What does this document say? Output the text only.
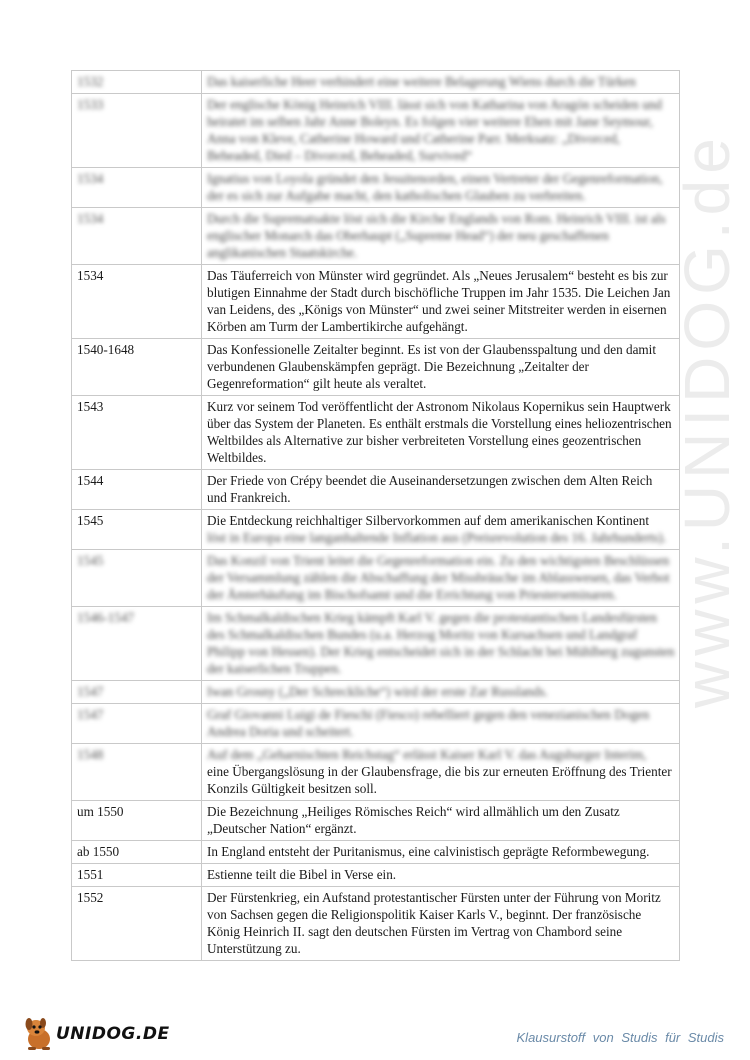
www.UNIDOG.de
1532	Das kaiserliche Heer verhindert eine weitere Belagerung Wiens durch die Türken
1533	Der englische König Heinrich VIII. lässt sich von Katharina von Aragón scheiden und heiratet im selben Jahr Anne Boleyn. Es folgen vier weitere Ehen mit Jane Seymour, Anna von Kleve, Catherine Howard und Catherine Parr. Merksatz: „Divorced, Beheaded, Died – Divorced, Beheaded, Survived“
1534	Ignatius von Loyola gründet den Jesuitenorden, einen Vertreter der Gegenreformation, der es sich zur Aufgabe macht, den katholischen Glauben zu verbreiten.
1534	Durch die Suprematsakte löst sich die Kirche Englands von Rom. Heinrich VIII. ist als englischer Monarch das Oberhaupt („Supreme Head“) der neu geschaffenen anglikanischen Staatskirche.
1534	Das Täuferreich von Münster wird gegründet. Als „Neues Jerusalem“ besteht es bis zur blutigen Einnahme der Stadt durch bischöfliche Truppen im Jahr 1535. Die Leichen Jan van Leidens, des „Königs von Münster“ und zwei seiner Mitstreiter werden in eisernen Körben am Turm der Lambertikirche aufgehängt.
1540-1648	Das Konfessionelle Zeitalter beginnt. Es ist von der Glaubensspaltung und den damit verbundenen Glaubenskämpfen geprägt. Die Bezeichnung „Zeitalter der Gegenreformation“ gilt heute als veraltet.
1543	Kurz vor seinem Tod veröffentlicht der Astronom Nikolaus Kopernikus sein Hauptwerk über das System der Planeten. Es enthält erstmals die Vorstellung eines heliozentrischen Weltbildes als Alternative zur bisher verbreiteten Vorstellung eines geozentrischen Weltbildes.
1544	Der Friede von Crépy beendet die Auseinandersetzungen zwischen dem Alten Reich und Frankreich.
1545	Die Entdeckung reichhaltiger Silbervorkommen auf dem amerikanischen Kontinent
löst in Europa eine langanhaltende Inflation aus (Preisrevolution des 16. Jahrhunderts).

1545	Das Konzil von Trient leitet die Gegenreformation ein. Zu den wichtigsten Beschlüssen der Versammlung zählen die Abschaffung der Missbräuche im Ablasswesen, das Verbot der Ämterhäufung im Bischofsamt und die Errichtung von Priesterseminaren.
1546-1547	Im Schmalkaldischen Krieg kämpft Karl V. gegen die protestantischen Landesfürsten des Schmalkaldischen Bundes (u.a. Herzog Moritz von Kursachsen und Landgraf Philipp von Hessen). Der Krieg entscheidet sich in der Schlacht bei Mühlberg zugunsten der kaiserlichen Truppen.
1547	Iwan Grosny („Der Schreckliche“) wird der erste Zar Russlands.
1547	Graf Giovanni Luigi de Fieschi (Fiesco) rebelliert gegen den venezianischen Dogen Andrea Doria und scheitert.
1548	Auf dem „Geharnischten Reichstag“ erlässt Kaiser Karl V. das Augsburger Interim,
eine Übergangslösung in der Glaubensfrage, die bis zur erneuten Eröffnung des Trienter Konzils Gültigkeit besitzen soll.

um 1550	Die Bezeichnung „Heiliges Römisches Reich“ wird allmählich um den Zusatz „Deutscher Nation“ ergänzt.
ab 1550	In England entsteht der Puritanismus, eine calvinistisch geprägte Reformbewegung.
1551	Estienne teilt die Bibel in Verse ein.
1552	Der Fürstenkrieg, ein Aufstand protestantischer Fürsten unter der Führung von Moritz von Sachsen gegen die Religionspolitik Kaiser Karls V., beginnt. Der französische König Heinrich II. sagt den deutschen Fürsten im Vertrag von Chambord seine Unterstützung zu.
UNIDOG.DE	Klausurstoff von Studis für Studis
